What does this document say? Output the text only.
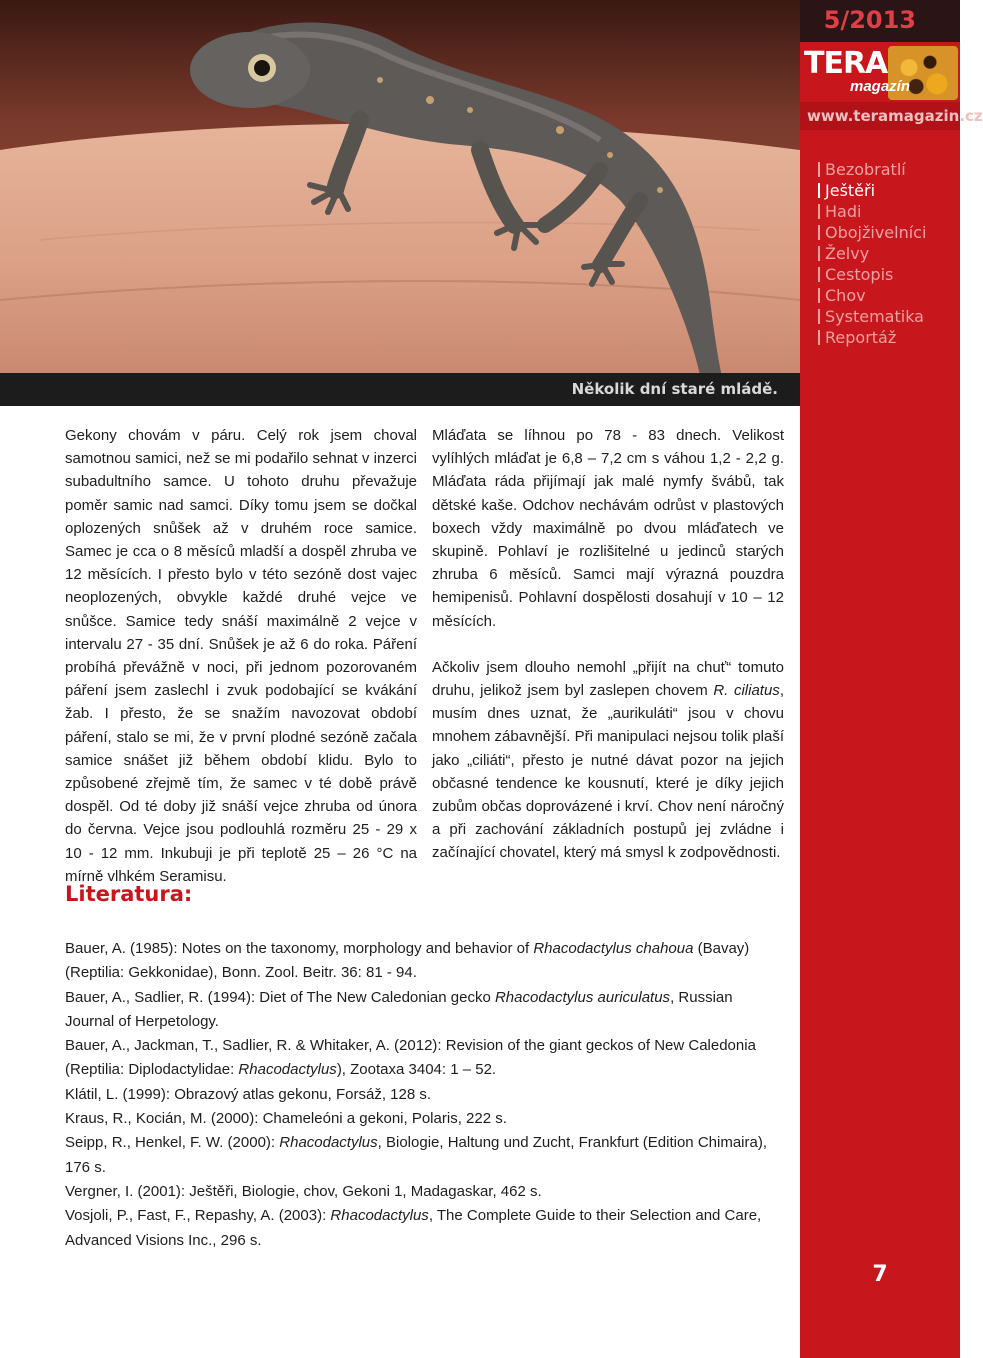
Několik dní staré mládě.
5/2013
TERA
magazín
www.teramagazin.cz
Bezobratlí
Ještěři
Hadi
Obojživelníci
Želvy
Cestopis
Chov
Systematika
Reportáž
7

Gekony chovám v páru. Celý rok jsem choval samotnou samici, než se mi podařilo sehnat v inzerci subadultního samce. U tohoto druhu převažuje poměr samic nad samci. Díky tomu jsem se dočkal oplozených snůšek až v druhém roce samice. Samec je cca o 8 měsíců mladší a dospěl zhruba ve 12 měsících. I přesto bylo v této sezóně dost vajec neoplozených, obvykle každé druhé vejce ve snůšce. Samice tedy snáší maximálně 2 vejce v intervalu 27 - 35 dní. Snůšek je až 6 do roka. Páření probíhá převážně v noci, při jednom pozorovaném páření jsem zaslechl i zvuk podobající se kvákání žab. I přesto, že se snažím navozovat období páření, stalo se mi, že v první plodné sezóně začala samice snášet již během období klidu. Bylo to způsobené zřejmě tím, že samec v té době právě dospěl. Od té doby již snáší vejce zhruba od února do června. Vejce jsou podlouhlá rozměru 25 - 29 x 10 - 12 mm. Inkubuji je při teplotě 25 – 26 °C na mírně vlhkém Seramisu.

Mláďata se líhnou po 78 - 83 dnech. Velikost vylíhlých mláďat je 6,8 – 7,2 cm s váhou 1,2 - 2,2 g. Mláďata ráda přijímají jak malé nymfy švábů, tak dětské kaše. Odchov nechávám odrůst v plastových boxech vždy maximálně po dvou mláďatech ve skupině. Pohlaví je rozlišitelné u jedinců starých zhruba 6 měsíců. Samci mají výrazná pouzdra hemipenisů. Pohlavní dospělosti dosahují v 10 – 12 měsících.

Ačkoliv jsem dlouho nemohl „přijít na chuť“ tomuto druhu, jelikož jsem byl zaslepen chovem R. ciliatus, musím dnes uznat, že „aurikuláti“ jsou v chovu mnohem zábavnější. Při manipulaci nejsou tolik plaší jako „ciliáti“, přesto je nutné dávat pozor na jejich občasné tendence ke kousnutí, které je díky jejich zubům občas doprovázené i krví. Chov není náročný a při zachování základních postupů jej zvládne i začínající chovatel, který má smysl k zodpovědnosti.

Literatura:

Bauer, A. (1985): Notes on the taxonomy, morphology and behavior of Rhacodactylus chahoua (Bavay) (Reptilia: Gekkonidae), Bonn. Zool. Beitr. 36: 81 - 94.

Bauer, A., Sadlier, R. (1994): Diet of The New Caledonian gecko Rhacodactylus auriculatus, Russian Journal of Herpetology.

Bauer, A., Jackman, T., Sadlier, R. & Whitaker, A. (2012): Revision of the giant geckos of New Caledonia (Reptilia: Diplodactylidae: Rhacodactylus), Zootaxa 3404: 1 – 52.

Klátil, L. (1999): Obrazový atlas gekonu, Forsáž, 128 s.

Kraus, R., Kocián, M. (2000): Chameleóni a gekoni, Polaris, 222 s.

Seipp, R., Henkel, F. W. (2000): Rhacodactylus, Biologie, Haltung und Zucht, Frankfurt (Edition Chimaira), 176 s.

Vergner, I. (2001): Ještěři, Biologie, chov, Gekoni 1, Madagaskar, 462 s.

Vosjoli, P., Fast, F., Repashy, A. (2003): Rhacodactylus, The Complete Guide to their Selection and Care, Advanced Visions Inc., 296 s.
